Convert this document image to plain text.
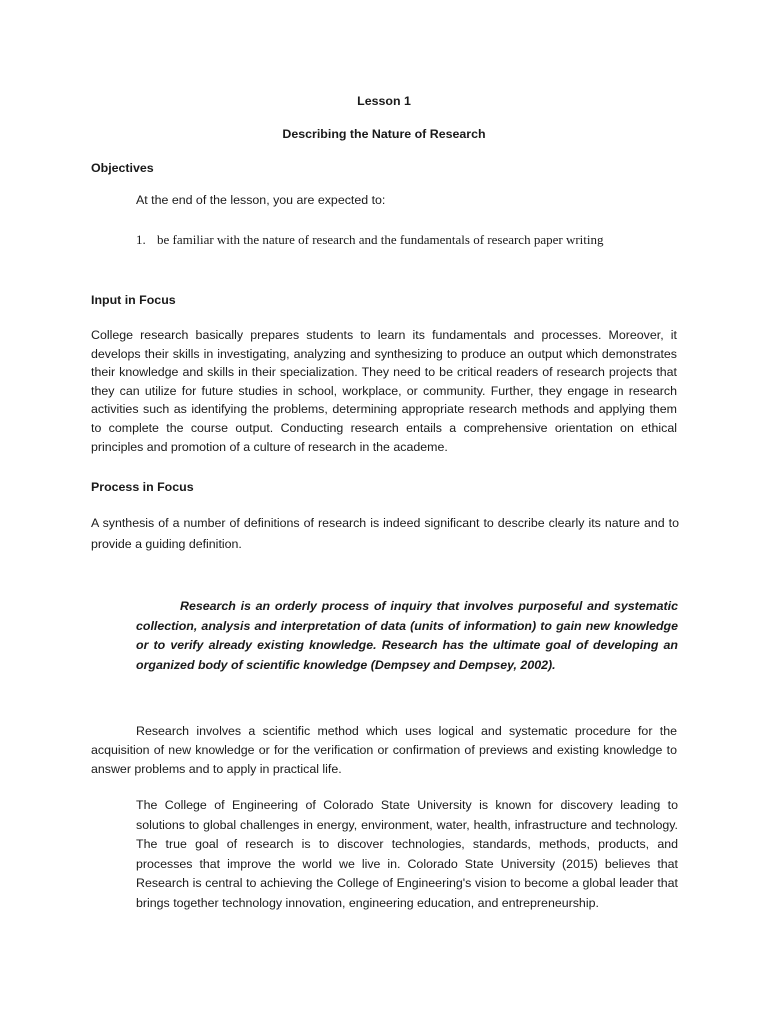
Lesson 1
Describing the Nature of Research
Objectives
At the end of the lesson, you are expected to:
1. be familiar with the nature of research and the fundamentals of research paper writing
Input in Focus
College research basically prepares students to learn its fundamentals and processes. Moreover, it develops their skills in investigating, analyzing and synthesizing to produce an output which demonstrates their knowledge and skills in their specialization. They need to be critical readers of research projects that they can utilize for future studies in school, workplace, or community. Further, they engage in research activities such as identifying the problems, determining appropriate research methods and applying them to complete the course output. Conducting research entails a comprehensive orientation on ethical principles and promotion of a culture of research in the academe.
Process in Focus
A synthesis of a number of definitions of research is indeed significant to describe clearly its nature and to provide a guiding definition.
Research is an orderly process of inquiry that involves purposeful and systematic collection, analysis and interpretation of data (units of information) to gain new knowledge or to verify already existing knowledge. Research has the ultimate goal of developing an organized body of scientific knowledge (Dempsey and Dempsey, 2002).
Research involves a scientific method which uses logical and systematic procedure for the acquisition of new knowledge or for the verification or confirmation of previews and existing knowledge to answer problems and to apply in practical life.
The College of Engineering of Colorado State University is known for discovery leading to solutions to global challenges in energy, environment, water, health, infrastructure and technology. The true goal of research is to discover technologies, standards, methods, products, and processes that improve the world we live in. Colorado State University (2015) believes that Research is central to achieving the College of Engineering's vision to become a global leader that brings together technology innovation, engineering education, and entrepreneurship.
